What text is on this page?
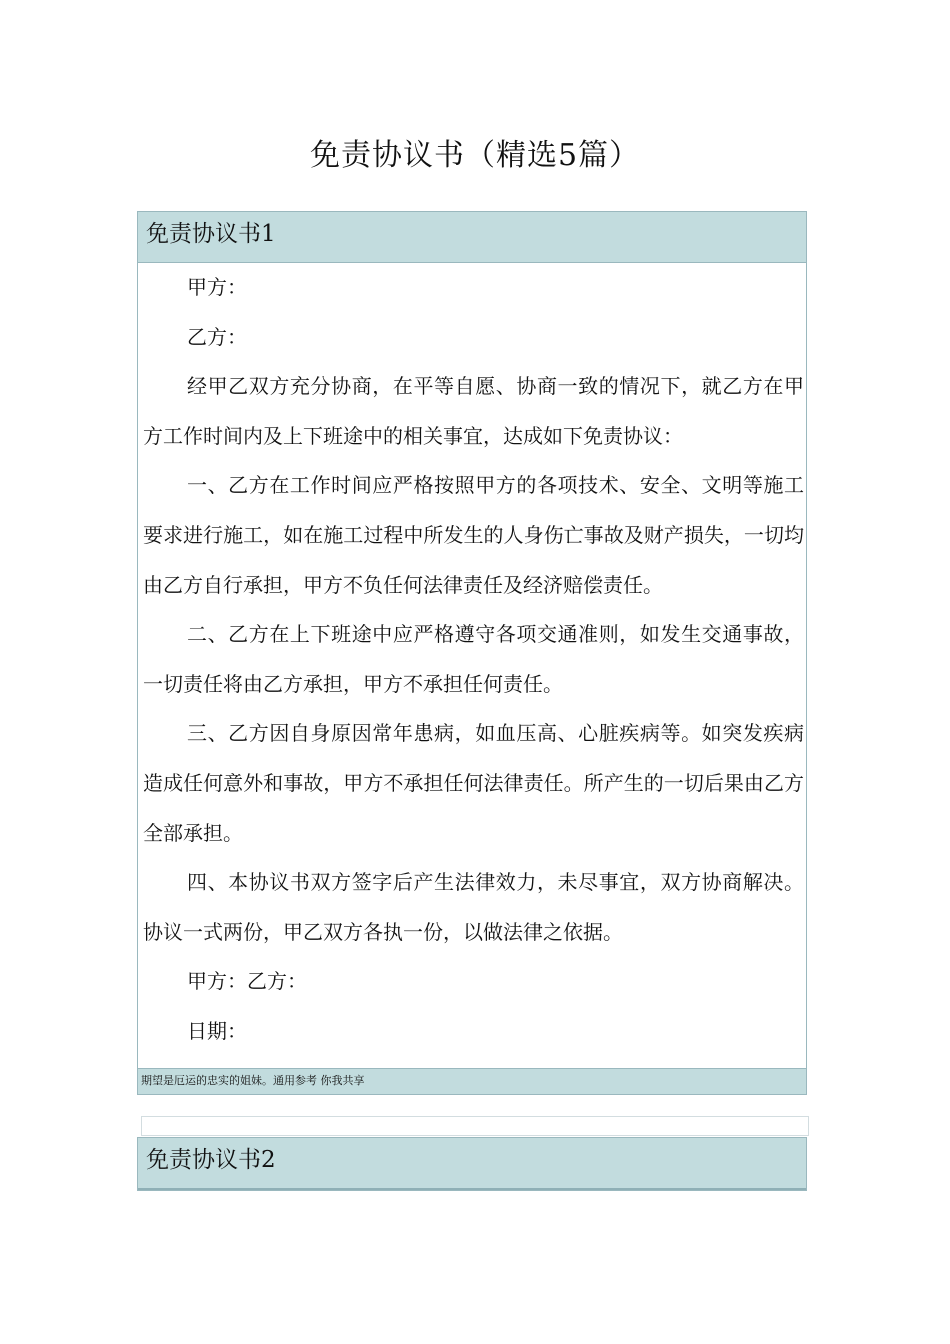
免责协议书（精选5篇）
免责协议书1

甲方：

乙方：

经甲乙双方充分协商，在平等自愿、协商一致的情况下，就乙方在甲方工作时间内及上下班途中的相关事宜，达成如下免责协议：

一、乙方在工作时间应严格按照甲方的各项技术、安全、文明等施工要求进行施工，如在施工过程中所发生的人身伤亡事故及财产损失，一切均由乙方自行承担，甲方不负任何法律责任及经济赔偿责任。

二、乙方在上下班途中应严格遵守各项交通准则，如发生交通事故，一切责任将由乙方承担，甲方不承担任何责任。

三、乙方因自身原因常年患病，如血压高、心脏疾病等。如突发疾病造成任何意外和事故，甲方不承担任何法律责任。所产生的一切后果由乙方全部承担。

四、本协议书双方签字后产生法律效力，未尽事宜，双方协商解决。协议一式两份，甲乙双方各执一份，以做法律之依据。

甲方：乙方：

日期：

期望是厄运的忠实的姐妹。通用参考 你我共享
免责协议书2
